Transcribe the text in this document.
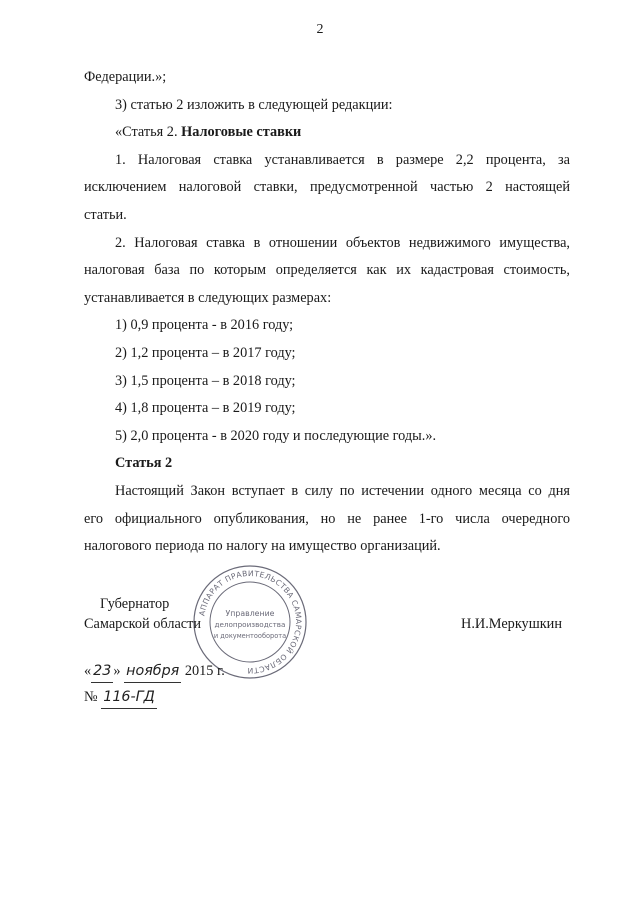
2

Федерации.»;

3) статью 2 изложить в следующей редакции:

«Статья 2. Налоговые ставки

1. Налоговая ставка устанавливается в размере 2,2 процента, за
исключением налоговой ставки, предусмотренной частью 2 настоящей
статьи.
2. Налоговая ставка в отношении объектов недвижимого имущества,
налоговая база по которым определяется как их кадастровая стоимость,
устанавливается в следующих размерах:

1) 0,9 процента - в 2016 году;

2) 1,2 процента – в 2017 году;

3) 1,5 процента – в 2018 году;

4) 1,8 процента – в 2019 году;

5) 2,0 процента - в 2020 году и последующие годы.».

Статья 2

Настоящий Закон вступает в силу по истечении одного месяца со дня
его официального опубликования, но не ранее 1-го числа очередного
налогового периода по налогу на имущество организаций.
АППАРАТ ПРАВИТЕЛЬСТВА САМАРСКОЙ ОБЛАСТИ
Управление
делопроизводства
и документооборота
Губернатор
Самарской области	Н.И.Меркушкин
« 23 » ноября 2015 г.
№ 116-ГД
